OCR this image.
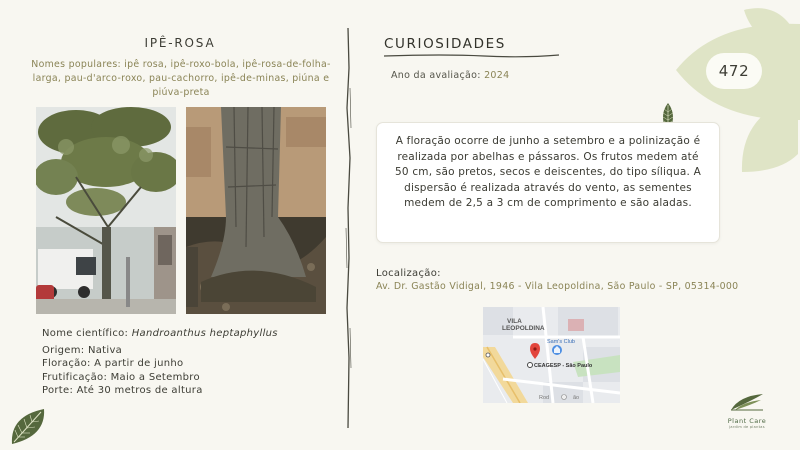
IPÊ-ROSA
Nomes populares: ipê rosa, ipê-roxo-bola, ipê-rosa-de-folha-larga, pau-d'arco-roxo, pau-cachorro, ipê-de-minas, piúna e piúva-preta
Nome científico: Handroanthus heptaphyllus
Origem: Nativa
Floração: A partir de junho
Frutificação: Maio a Setembro
Porte: Até 30 metros de altura
CURIOSIDADES
Ano da avaliação: 2024	472
A floração ocorre de junho a setembro e a polinização é realizada por abelhas e pássaros. Os frutos medem até 50 cm, são pretos, secos e deiscentes, do tipo síliqua. A dispersão é realizada através do vento, as sementes medem de 2,5 a 3 cm de comprimento e são aladas.
Localização:
Av. Dr. Gastão Vidigal, 1946 - Vila Leopoldina, São Paulo - SP, 05314-000
VILA
LEOPOLDINA
Sam's Club
CEAGESP - São Paulo
Rod	ão
Plant Care
jardim de plantas
